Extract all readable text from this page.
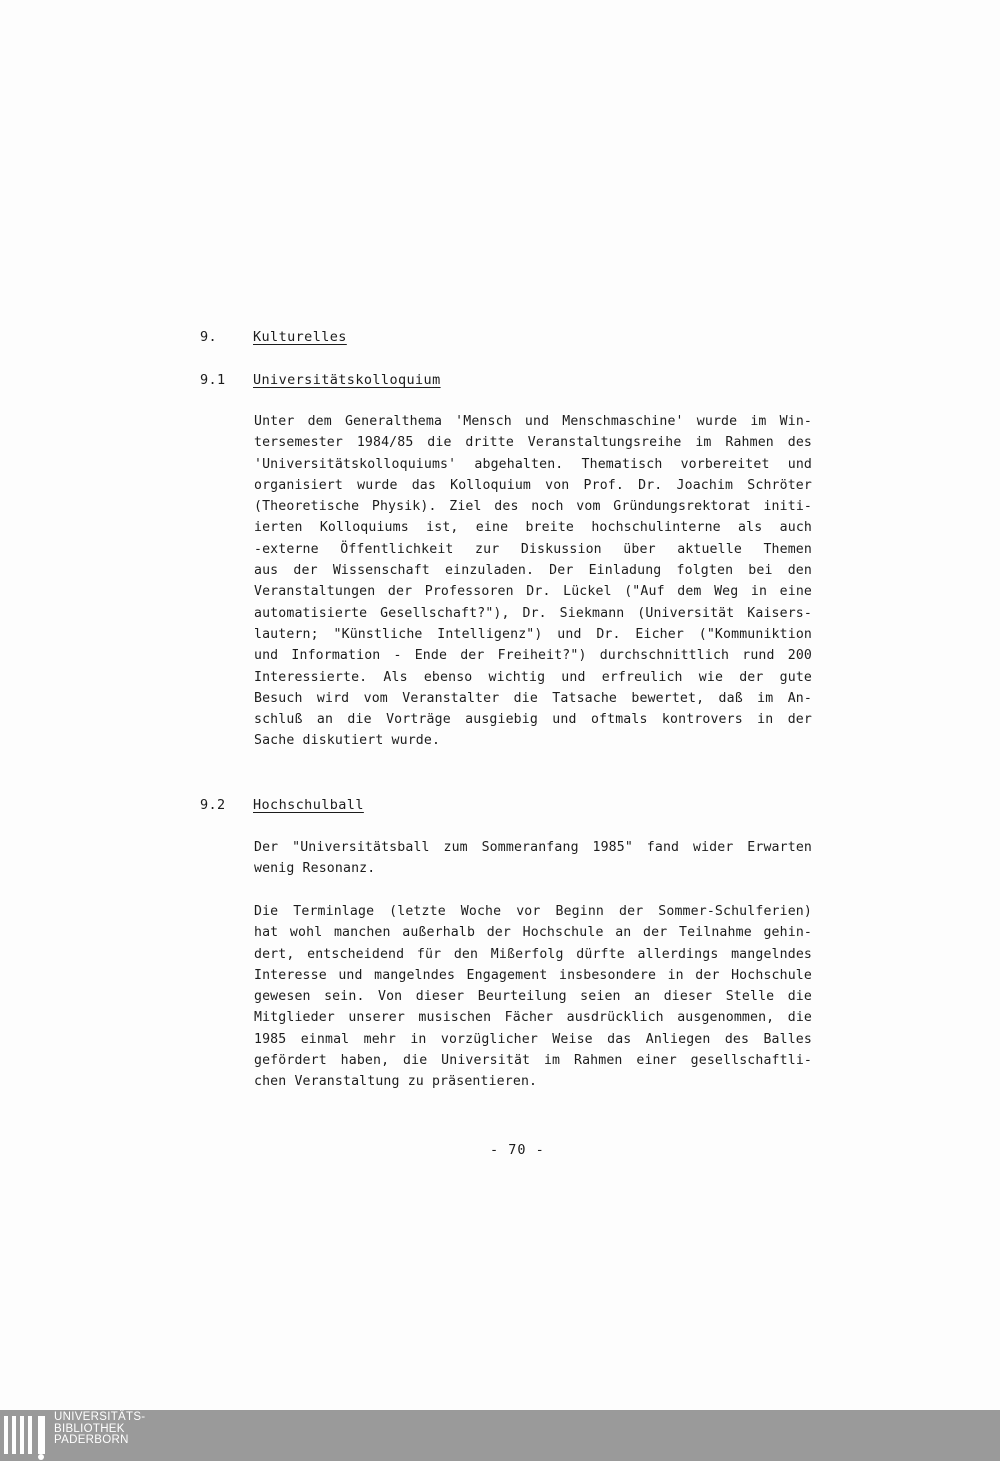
9.	Kulturelles
9.1 Universitätskolloquium
Unter dem Generalthema 'Mensch und Menschmaschine' wurde im Win-
tersemester 1984/85 die dritte Veranstaltungsreihe im Rahmen des
'Universitätskolloquiums' abgehalten. Thematisch vorbereitet und
organisiert wurde das Kolloquium von Prof. Dr. Joachim Schröter
(Theoretische Physik). Ziel des noch vom Gründungsrektorat initi-
ierten Kolloquiums ist, eine breite hochschulinterne als auch
-externe Öffentlichkeit zur Diskussion über aktuelle Themen
aus der Wissenschaft einzuladen. Der Einladung folgten bei den
Veranstaltungen der Professoren Dr. Lückel ("Auf dem Weg in eine
automatisierte Gesellschaft?"), Dr. Siekmann (Universität Kaisers-
lautern; "Künstliche Intelligenz") und Dr. Eicher ("Kommuniktion
und Information - Ende der Freiheit?") durchschnittlich rund 200
Interessierte. Als ebenso wichtig und erfreulich wie der gute
Besuch wird vom Veranstalter die Tatsache bewertet, daß im An-
schluß an die Vorträge ausgiebig und oftmals kontrovers in der
Sache diskutiert wurde.
9.2 Hochschulball
Der "Universitätsball zum Sommeranfang 1985" fand wider Erwarten
wenig Resonanz.
Die Terminlage (letzte Woche vor Beginn der Sommer-Schulferien)
hat wohl manchen außerhalb der Hochschule an der Teilnahme gehin-
dert, entscheidend für den Mißerfolg dürfte allerdings mangelndes
Interesse und mangelndes Engagement insbesondere in der Hochschule
gewesen sein. Von dieser Beurteilung seien an dieser Stelle die
Mitglieder unserer musischen Fächer ausdrücklich ausgenommen, die
1985 einmal mehr in vorzüglicher Weise das Anliegen des Balles
gefördert haben, die Universität im Rahmen einer gesellschaftli-
chen Veranstaltung zu präsentieren.
- 70 -
UNIVERSITÄTS-
BIBLIOTHEK
PADERBORN
